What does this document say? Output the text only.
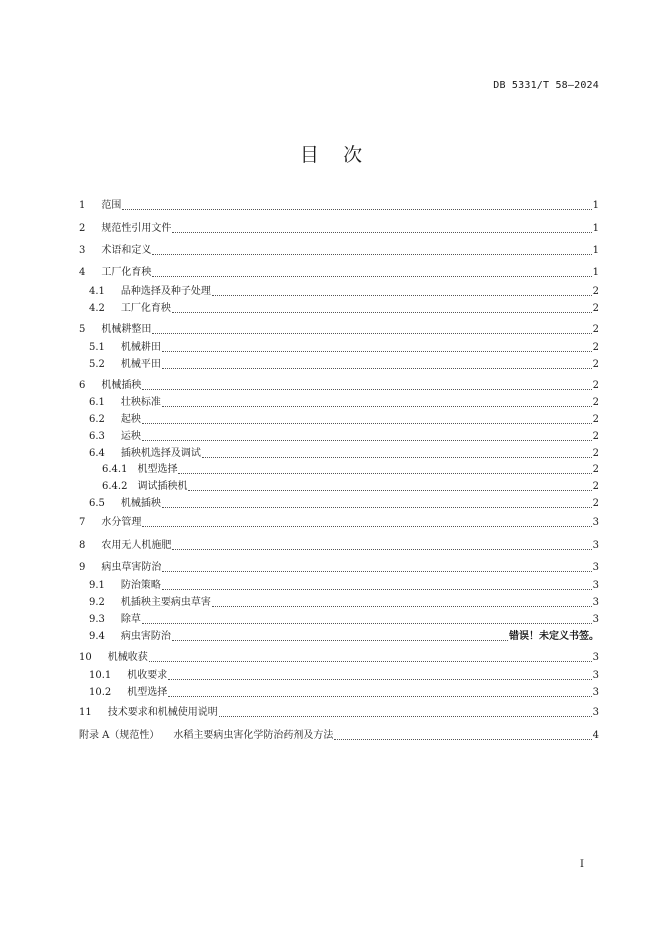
DB 5331/T 58—2024
目    次
1 范围	1
2 规范性引用文件	1
3 术语和定义	1
4 工厂化育秧	1
4.1 品种选择及种子处理	2
4.2 工厂化育秧	2
5 机械耕整田	2
5.1 机械耕田	2
5.2 机械平田	2
6 机械插秧	2
6.1 壮秧标准	2
6.2 起秧	2
6.3 运秧	2
6.4 插秧机选择及调试	2
6.4.1 机型选择	2
6.4.2 调试插秧机	2
6.5 机械插秧	2
7 水分管理	3
8 农用无人机施肥	3
9 病虫草害防治	3
9.1 防治策略	3
9.2 机插秧主要病虫草害	3
9.3 除草	3
9.4 病虫害防治	错误！未定义书签。
10 机械收获	3
10.1 机收要求	3
10.2 机型选择	3
11 技术要求和机械使用说明	3
附录 A（规范性） 水稻主要病虫害化学防治药剂及方法	4
I
